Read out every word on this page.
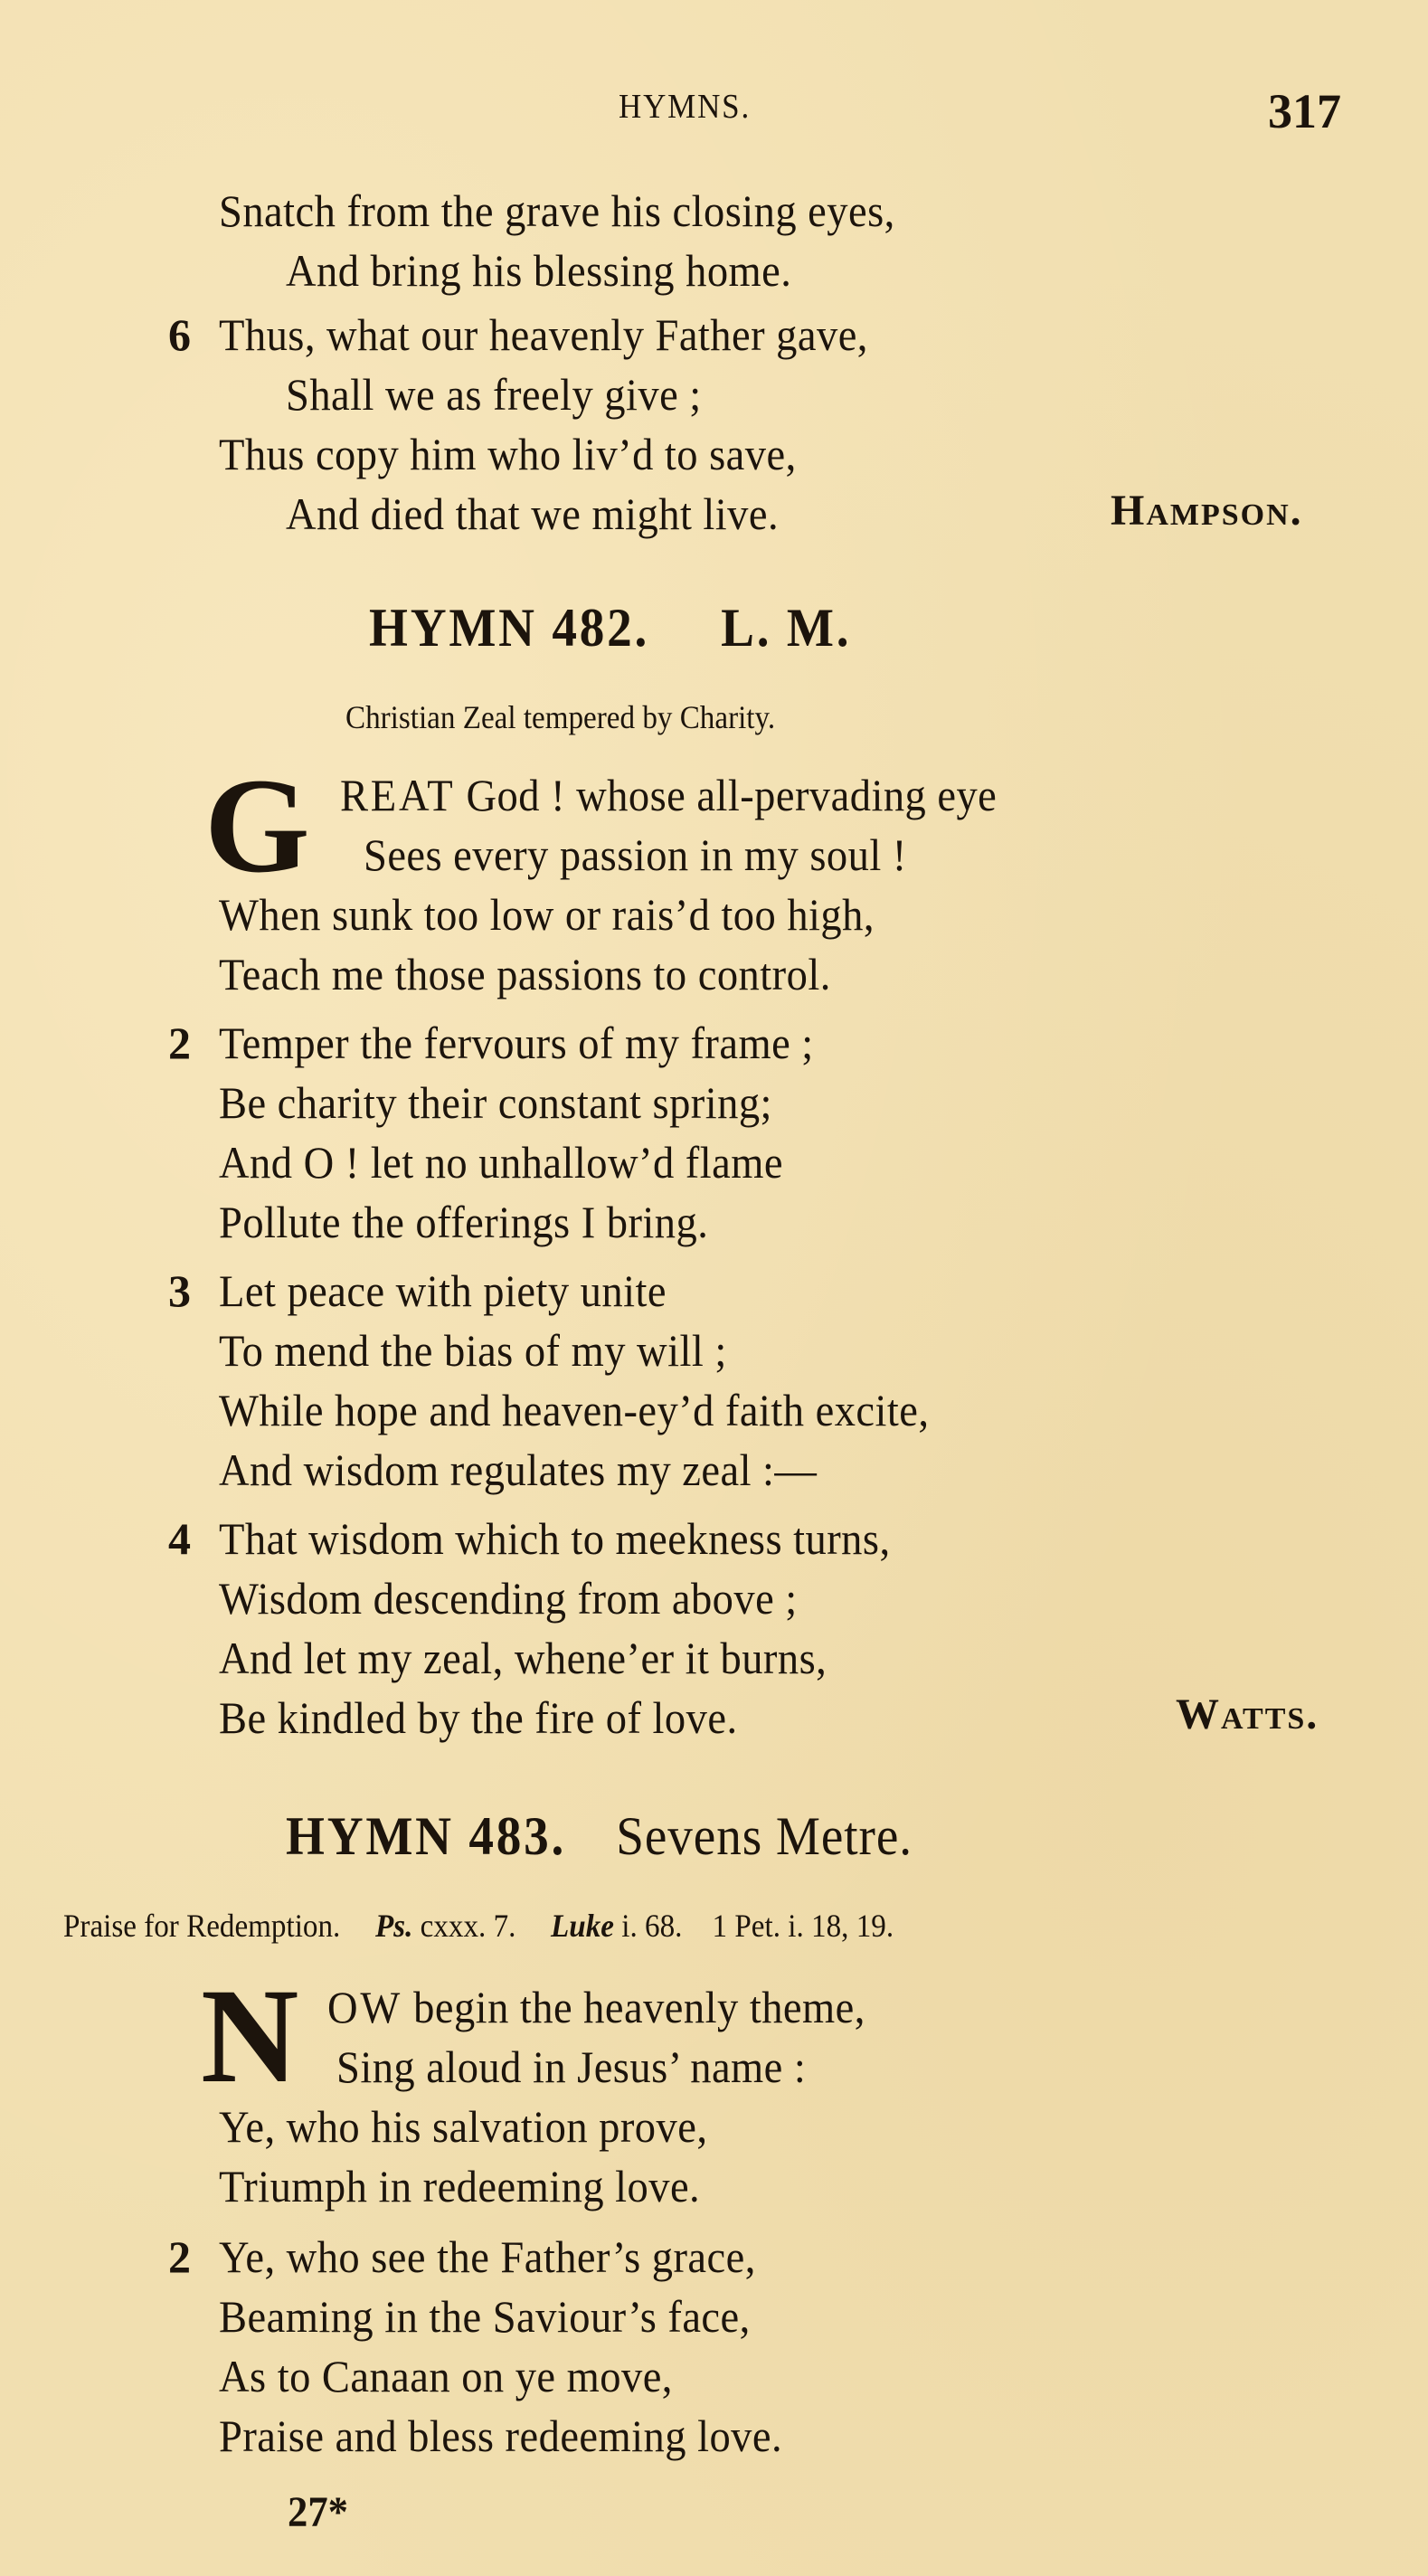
HYMNS.	317
Snatch from the grave his closing eyes,
And bring his blessing home.
6 Thus, what our heavenly Father gave,
Shall we as freely give ;
Thus copy him who liv’d to save,
And died that we might live.	Hampson.
HYMN 482. L. M.
Christian Zeal tempered by Charity.
G REAT God ! whose all-pervading eye
Sees every passion in my soul !
When sunk too low or rais’d too high,
Teach me those passions to control.
2 Temper the fervours of my frame ;
Be charity their constant spring;
And O ! let no unhallow’d flame
Pollute the offerings I bring.
3 Let peace with piety unite
To mend the bias of my will ;
While hope and heaven-ey’d faith excite,
And wisdom regulates my zeal :—
4 That wisdom which to meekness turns,
Wisdom descending from above ;
And let my zeal, whene’er it burns,
Be kindled by the fire of love.	Watts.
HYMN 483. Sevens Metre.
Praise for Redemption. Ps. cxxx. 7. Luke i. 68. 1 Pet. i. 18, 19.
N OW begin the heavenly theme,
Sing aloud in Jesus’ name :
Ye, who his salvation prove,
Triumph in redeeming love.
2 Ye, who see the Father’s grace,
Beaming in the Saviour’s face,
As to Canaan on ye move,
Praise and bless redeeming love.
27*
